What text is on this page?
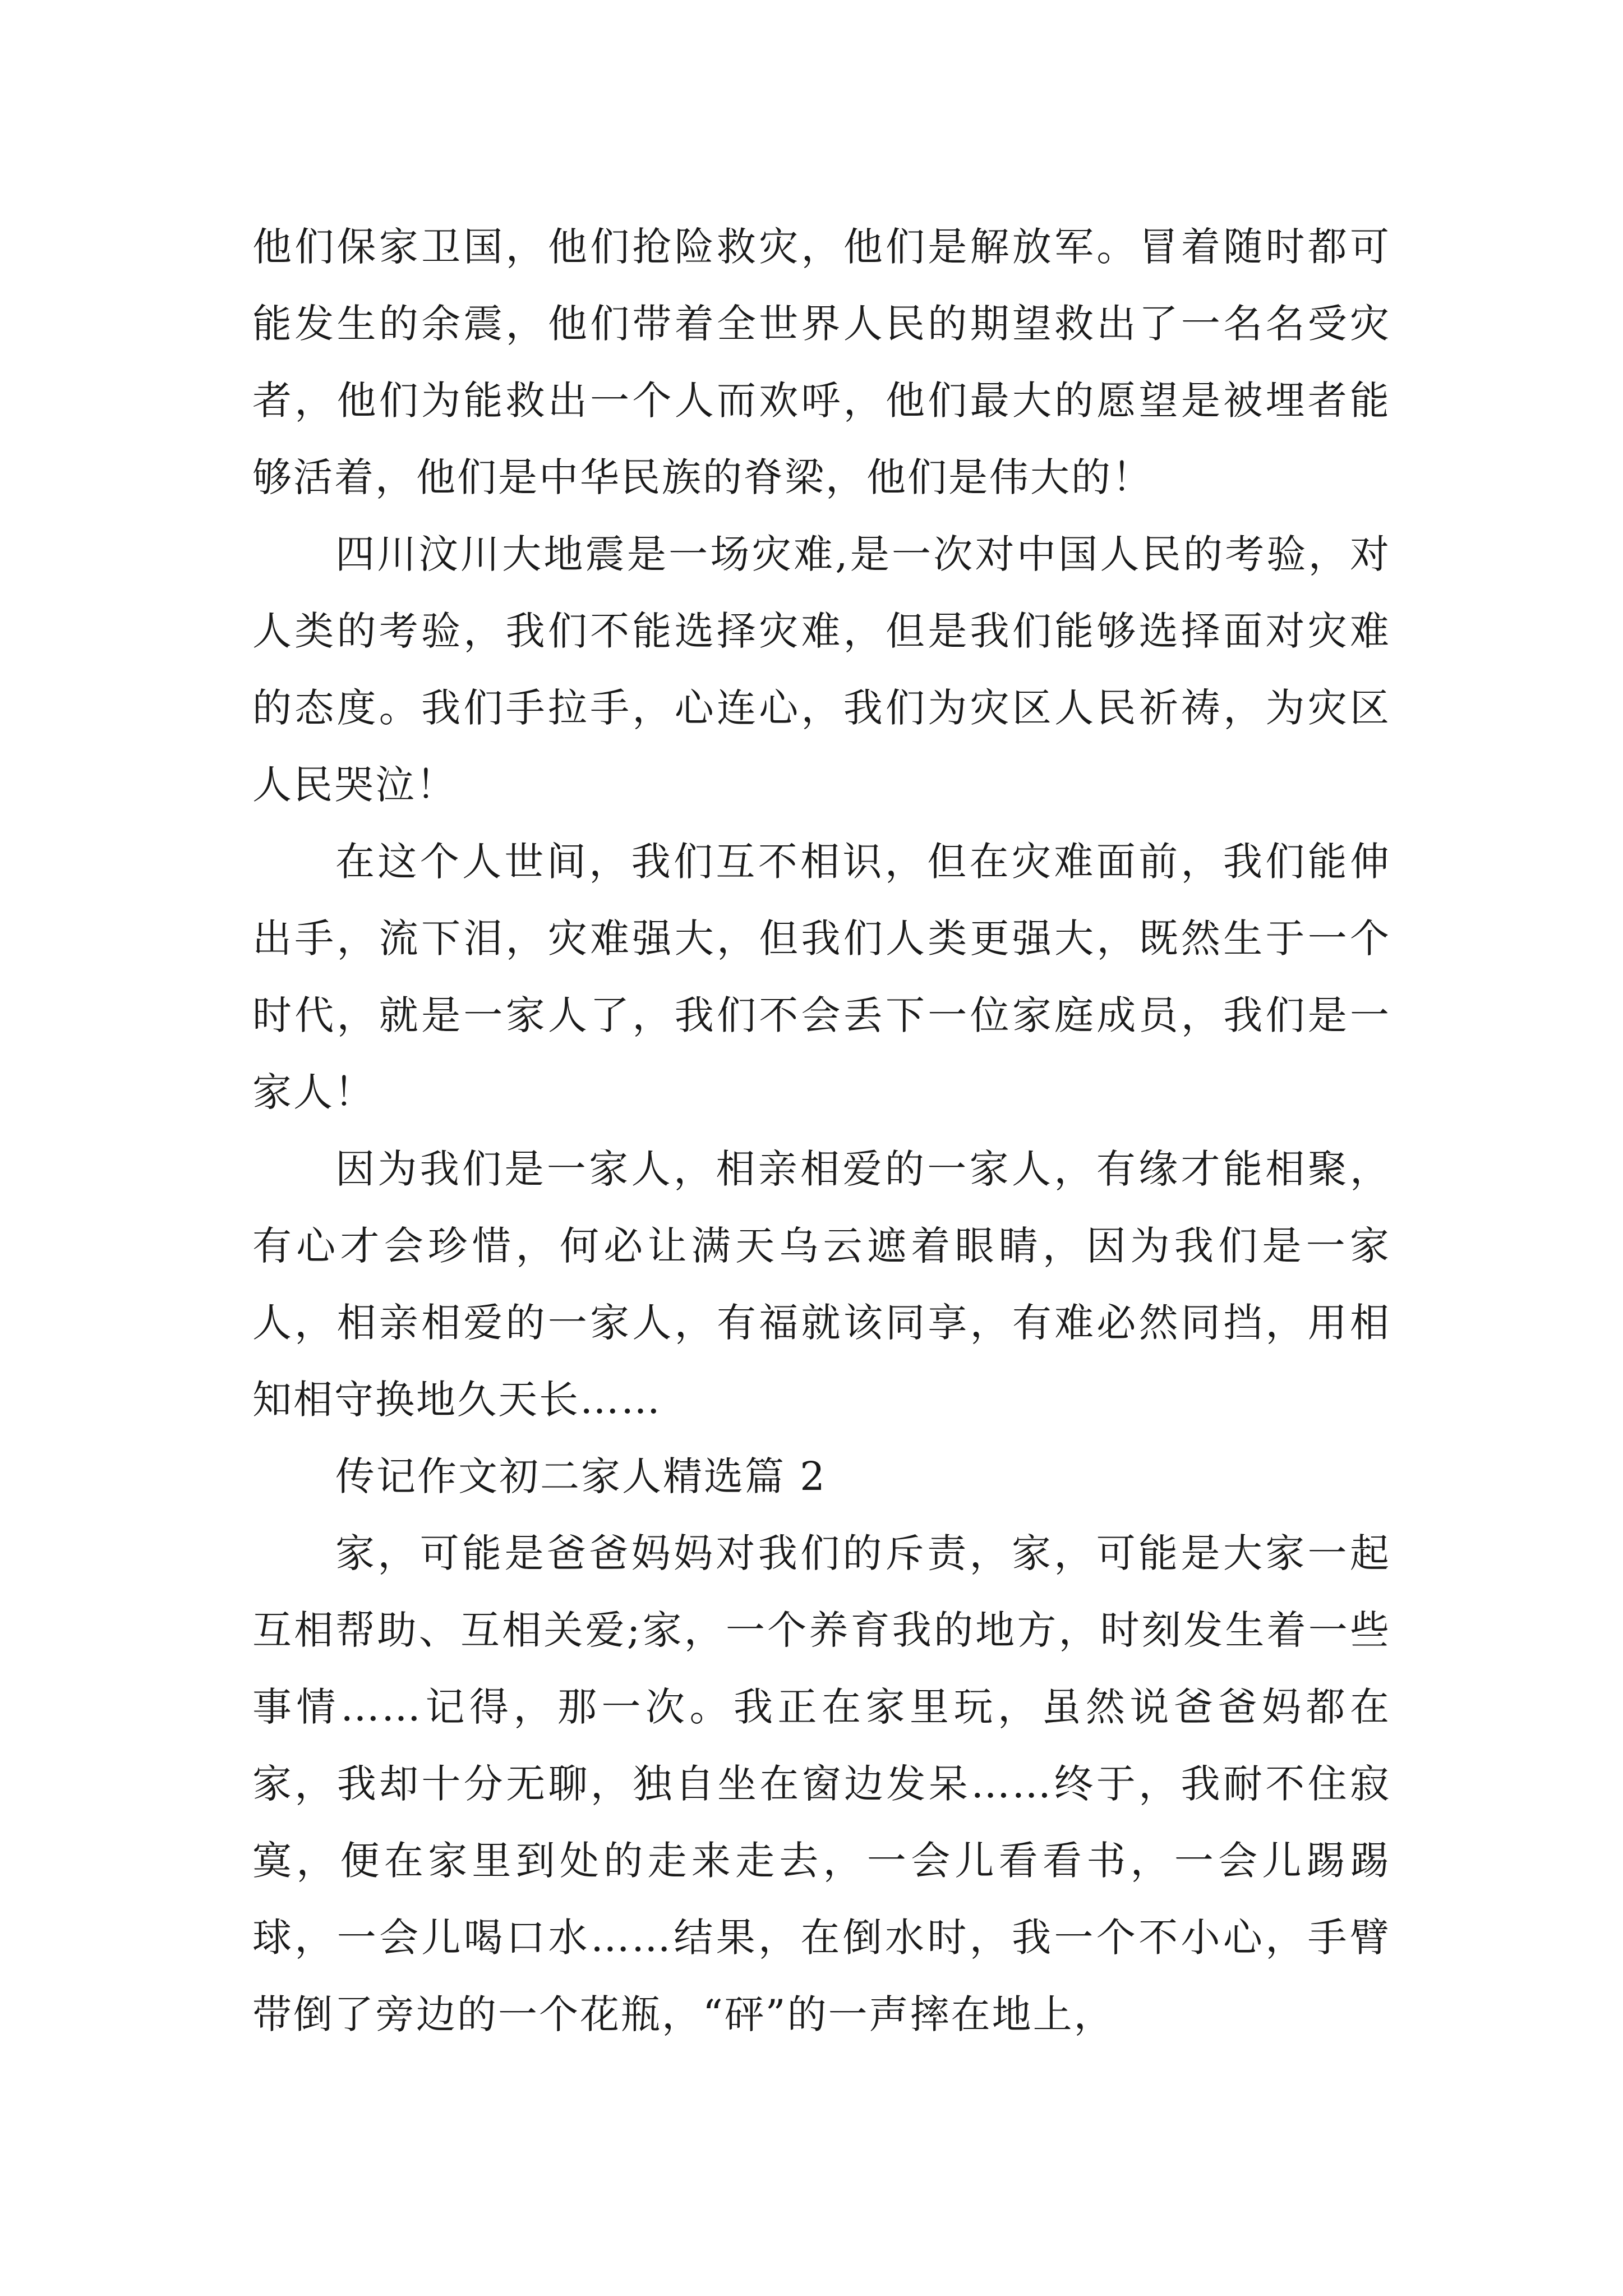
他们保家卫国，他们抢险救灾，他们是解放军。冒着随时都可能发生的余震，他们带着全世界人民的期望救出了一名名受灾者，他们为能救出一个人而欢呼，他们最大的愿望是被埋者能够活着，他们是中华民族的脊梁，他们是伟大的！

四川汶川大地震是一场灾难,是一次对中国人民的考验，对人类的考验，我们不能选择灾难，但是我们能够选择面对灾难的态度。我们手拉手，心连心，我们为灾区人民祈祷，为灾区人民哭泣！

在这个人世间，我们互不相识，但在灾难面前，我们能伸出手，流下泪，灾难强大，但我们人类更强大，既然生于一个时代，就是一家人了，我们不会丢下一位家庭成员，我们是一家人！

因为我们是一家人，相亲相爱的一家人，有缘才能相聚，有心才会珍惜，何必让满天乌云遮着眼睛，因为我们是一家人，相亲相爱的一家人，有福就该同享，有难必然同挡，用相知相守换地久天长……

传记作文初二家人精选篇 2

家，可能是爸爸妈妈对我们的斥责，家，可能是大家一起互相帮助、互相关爱;家，一个养育我的地方，时刻发生着一些事情……记得，那一次。我正在家里玩，虽然说爸爸妈都在家，我却十分无聊，独自坐在窗边发呆……终于，我耐不住寂寞，便在家里到处的走来走去，一会儿看看书，一会儿踢踢球，一会儿喝口水……结果，在倒水时，我一个不小心，手臂带倒了旁边的一个花瓶，“砰”的一声摔在地上，
